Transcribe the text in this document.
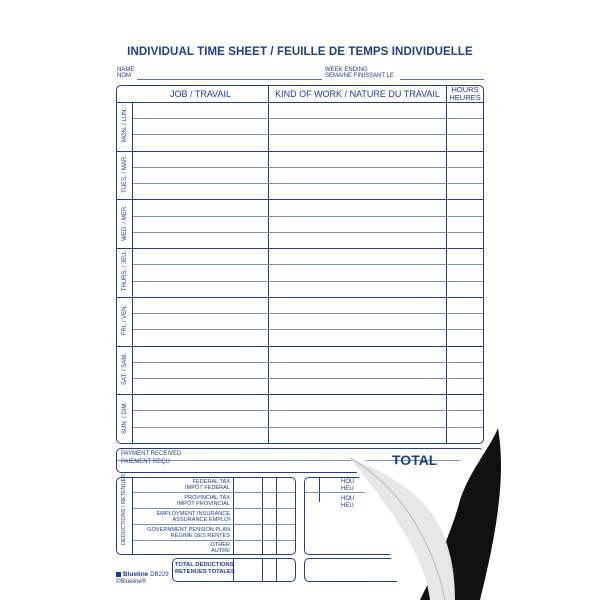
INDIVIDUAL TIME SHEET / FEUILLE DE TEMPS INDIVIDUELLE
NAME
NOM
WEEK ENDING
SEMAINE FINISSANT LE
JOB / TRAVAIL	KIND OF WORK / NATURE DU TRAVAIL	HOURS
HEURES
MON. / LUN.
TUES. / MAR.
WED. / MER.
THURS. / JEU.
FRI. / VEN.
SAT. / SAM.
SUN. / DIM.
PAYMENT RECEIVED
PAIEMENT REÇU	TOTAL
DEDUCTIONS / RETENUES	FEDERAL TAX
IMPÔT FÉDÉRAL
PROVINCIAL TAX
IMPÔT PROVINCIAL
EMPLOYMENT INSURANCE
ASSURANCE EMPLOI
GOVERNMENT PENSION PLAN
RÉGIME DES RENTES
OTHER
AUTRE
TOTAL DEDUCTIONS
RETENUES TOTALES
HOU
HEU
HOU
HEU
Blueline DB229
©Blueline®
